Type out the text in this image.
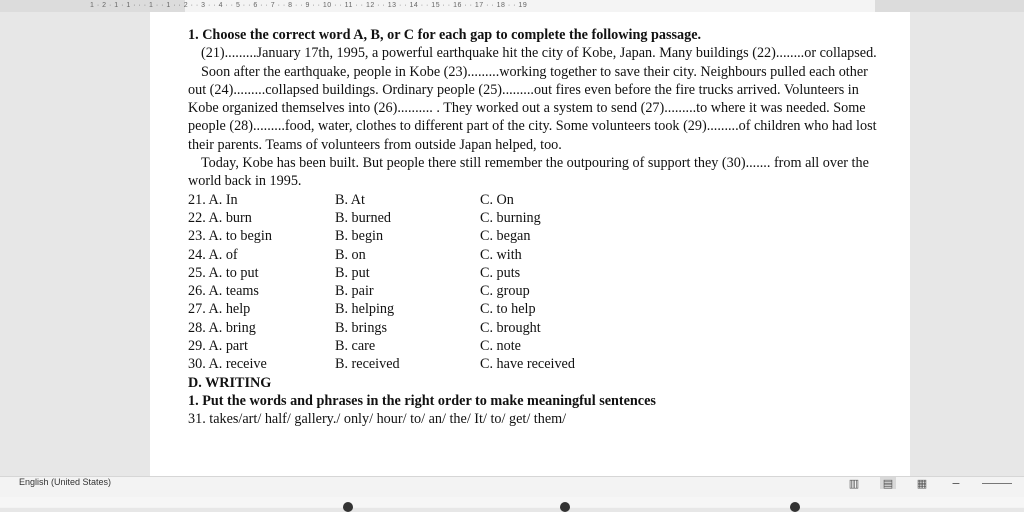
1 · 2 · 1 · 1 · · · 1 · · 1 · · 2 · · 3 · · 4 · · 5 · · 6 · · 7 · · 8 · · 9 · · 10 · · 11 · · 12 · · 13 · · 14 · · 15 · · 16 · · 17 · · 18 · · 19

1. Choose the correct word A, B, or C for each gap to complete the following passage.

(21).........January 17th, 1995, a powerful earthquake hit the city of Kobe, Japan. Many buildings (22)........or collapsed.

Soon after the earthquake, people in Kobe (23).........working together to save their city. Neighbours pulled each other out (24).........collapsed buildings. Ordinary people (25).........out fires even before the fire trucks arrived. Volunteers in Kobe organized themselves into (26).......... . They worked out a system to send (27).........to where it was needed. Some people (28).........food, water, clothes to different part of the city. Some volunteers took (29).........of children who had lost their parents. Teams of volunteers from outside Japan helped, too.

Today, Kobe has been built. But people there still remember the outpouring of support they (30)....... from all over the world back in 1995.

21. A. In	B. At	C. On
22. A. burn	B. burned	C. burning
23. A. to begin	B. begin	C. began
24. A. of	B. on	C. with
25. A. to put	B. put	C. puts
26. A. teams	B. pair	C. group
27. A. help	B. helping	C. to help
28. A. bring	B. brings	C. brought
29. A. part	B. care	C. note
30. A. receive	B. received	C. have received

D. WRITING

1. Put the words and phrases in the right order to make meaningful sentences

31. takes/art/ half/ gallery./ only/ hour/ to/ an/ the/ It/ to/ get/ them/

English (United States)	▥ ▤ ▦	−
